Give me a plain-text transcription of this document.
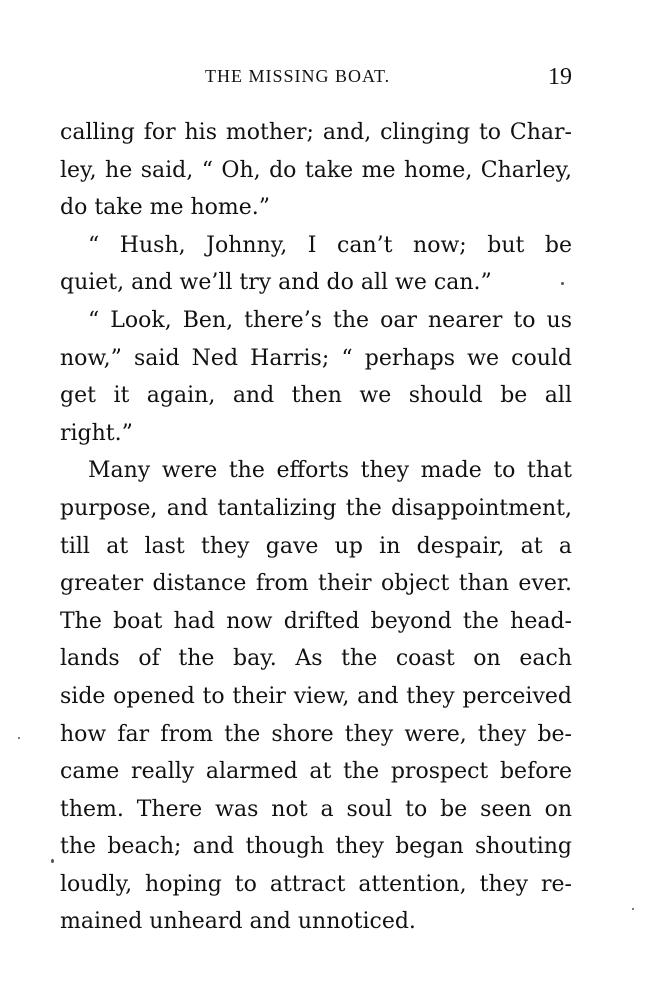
THE MISSING BOAT.	19
calling for his mother; and, clinging to Char-
ley, he said, “ Oh, do take me home, Charley,
do take me home.”
“ Hush, Johnny, I can’t now; but be
quiet, and we’ll try and do all we can.”
“ Look, Ben, there’s the oar nearer to us
now,” said Ned Harris; “ perhaps we could
get it again, and then we should be all
right.”
Many were the efforts they made to that
purpose, and tantalizing the disappointment,
till at last they gave up in despair, at a
greater distance from their object than ever.
The boat had now drifted beyond the head-
lands of the bay. As the coast on each
side opened to their view, and they perceived
how far from the shore they were, they be-
came really alarmed at the prospect before
them. There was not a soul to be seen on
the beach; and though they began shouting
loudly, hoping to attract attention, they re-
mained unheard and unnoticed.
